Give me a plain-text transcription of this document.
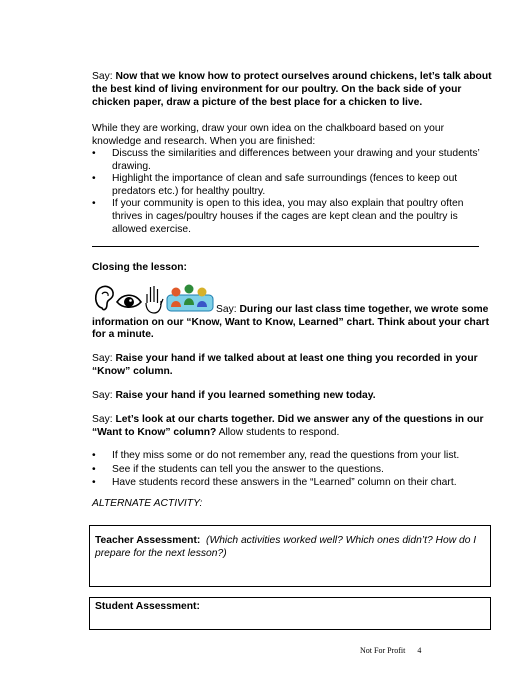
Say: Now that we know how to protect ourselves around chickens, let’s talk about the best kind of living environment for our poultry. On the back side of your chicken paper, draw a picture of the best place for a chicken to live.

While they are working, draw your own idea on the chalkboard based on your knowledge and research. When you are finished:

• Discuss the similarities and differences between your drawing and your students’ drawing.
• Highlight the importance of clean and safe surroundings (fences to keep out predators etc.) for healthy poultry.
• If your community is open to this idea, you may also explain that poultry often thrives in cages/poultry houses if the cages are kept clean and the poultry is allowed exercise.
Closing the lesson:

Say: During our last class time together, we wrote some information on our “Know, Want to Know, Learned” chart. Think about your chart for a minute.

Say: Raise your hand if we talked about at least one thing you recorded in your “Know” column.

Say: Raise your hand if you learned something new today.

Say: Let’s look at our charts together. Did we answer any of the questions in our “Want to Know” column? Allow students to respond.

• If they miss some or do not remember any, read the questions from your list.
• See if the students can tell you the answer to the questions.
• Have students record these answers in the “Learned” column on their chart.
ALTERNATE ACTIVITY:
Teacher Assessment: (Which activities worked well? Which ones didn’t? How do I prepare for the next lesson?)
Student Assessment:
Not For Profit 4
